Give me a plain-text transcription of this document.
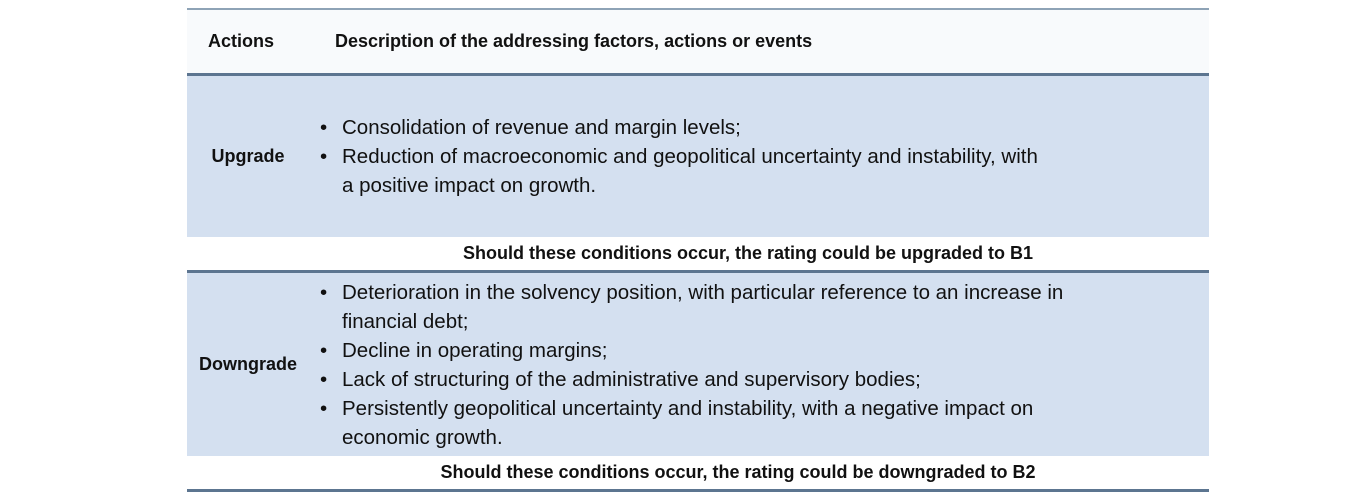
Actions	Description of the addressing factors, actions or events
Upgrade
• Consolidation of revenue and margin levels;
• Reduction of macroeconomic and geopolitical uncertainty and instability, with a positive impact on growth.
Should these conditions occur, the rating could be upgraded to B1
Downgrade
• Deterioration in the solvency position, with particular reference to an increase in financial debt;
• Decline in operating margins;
• Lack of structuring of the administrative and supervisory bodies;
• Persistently geopolitical uncertainty and instability, with a negative impact on economic growth.
Should these conditions occur, the rating could be downgraded to B2
